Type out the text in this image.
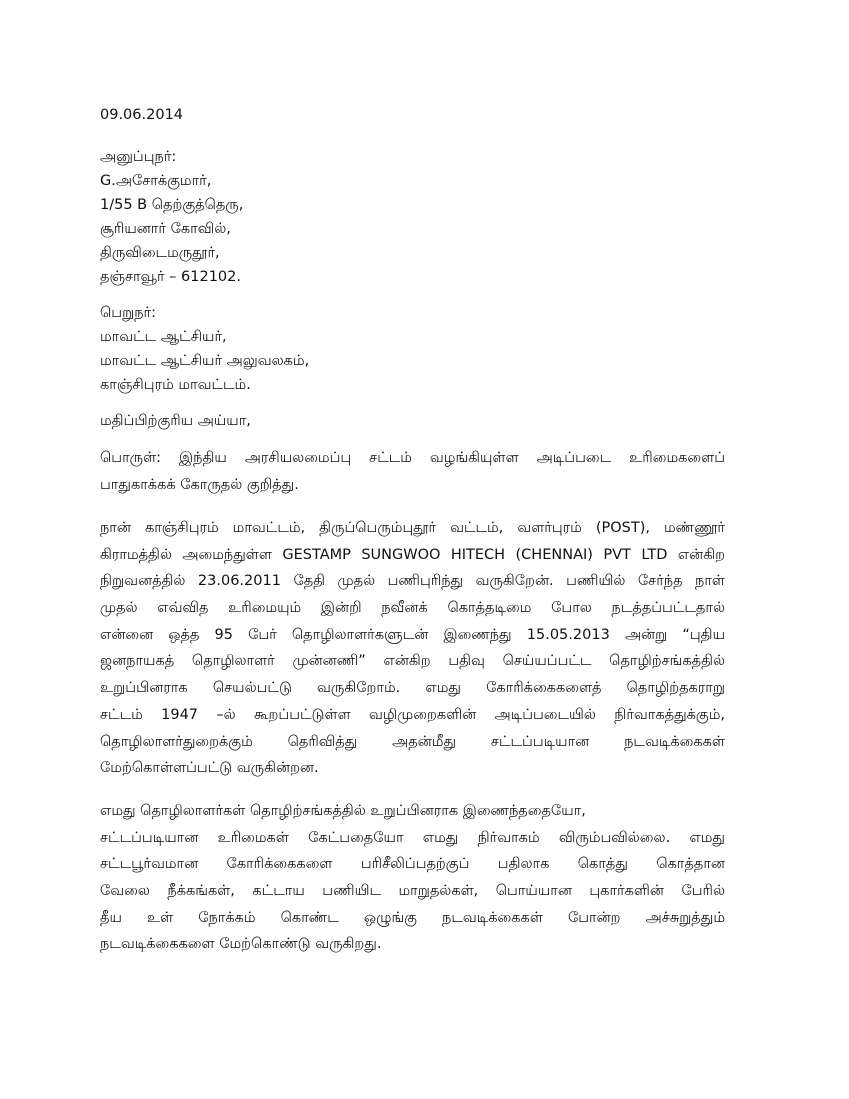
09.06.2014
அனுப்புநர்:
G.அசோக்குமார்,
1/55 B தெற்குத்தெரு,
சூரியனார் கோவில்,
திருவிடைமருதூர்,
தஞ்சாவூர் – 612102.
பெறுநர்:
மாவட்ட ஆட்சியர்,
மாவட்ட ஆட்சியர் அலுவலகம்,
காஞ்சிபுரம் மாவட்டம்.
மதிப்பிற்குரிய அய்யா,
பொருள்: இந்திய அரசியலமைப்பு சட்டம் வழங்கியுள்ள அடிப்படை உரிமைகளைப்
பாதுகாக்கக் கோருதல் குறித்து.
நான் காஞ்சிபுரம் மாவட்டம், திருப்பெரும்புதூர் வட்டம், வளர்புரம் (POST), மண்ணூர்
கிராமத்தில் அமைந்துள்ள GESTAMP SUNGWOO HITECH (CHENNAI) PVT LTD என்கிற
நிறுவனத்தில் 23.06.2011 தேதி முதல் பணிபுரிந்து வருகிறேன். பணியில் சேர்ந்த நாள்
முதல் எவ்வித உரிமையும் இன்றி நவீனக் கொத்தடிமை போல நடத்தப்பட்டதால்
என்னை ஒத்த 95 பேர் தொழிலாளர்களுடன் இணைந்து 15.05.2013 அன்று “புதிய
ஜனநாயகத் தொழிலாளர் முன்னணி” என்கிற பதிவு செய்யப்பட்ட தொழிற்சங்கத்தில்
உறுப்பினராக செயல்பட்டு வருகிறோம். எமது கோரிக்கைகளைத் தொழிற்தகராறு
சட்டம் 1947 –ல் கூறப்பட்டுள்ள வழிமுறைகளின் அடிப்படையில் நிர்வாகத்துக்கும்,
தொழிலாளர்துறைக்கும் தெரிவித்து அதன்மீது சட்டப்படியான நடவடிக்கைகள்
மேற்கொள்ளப்பட்டு வருகின்றன.
எமது தொழிலாளர்கள் தொழிற்சங்கத்தில் உறுப்பினராக இணைந்ததையோ,
சட்டப்படியான உரிமைகள் கேட்பதையோ எமது நிர்வாகம் விரும்பவில்லை. எமது
சட்டபூர்வமான கோரிக்கைகளை பரிசீலிப்பதற்குப் பதிலாக கொத்து கொத்தான
வேலை நீக்கங்கள், கட்டாய பணியிட மாறுதல்கள், பொய்யான புகார்களின் பேரில்
தீய உள் நோக்கம் கொண்ட ஒழுங்கு நடவடிக்கைகள் போன்ற அச்சுறுத்தும்
நடவடிக்கைகளை மேற்கொண்டு வருகிறது.
